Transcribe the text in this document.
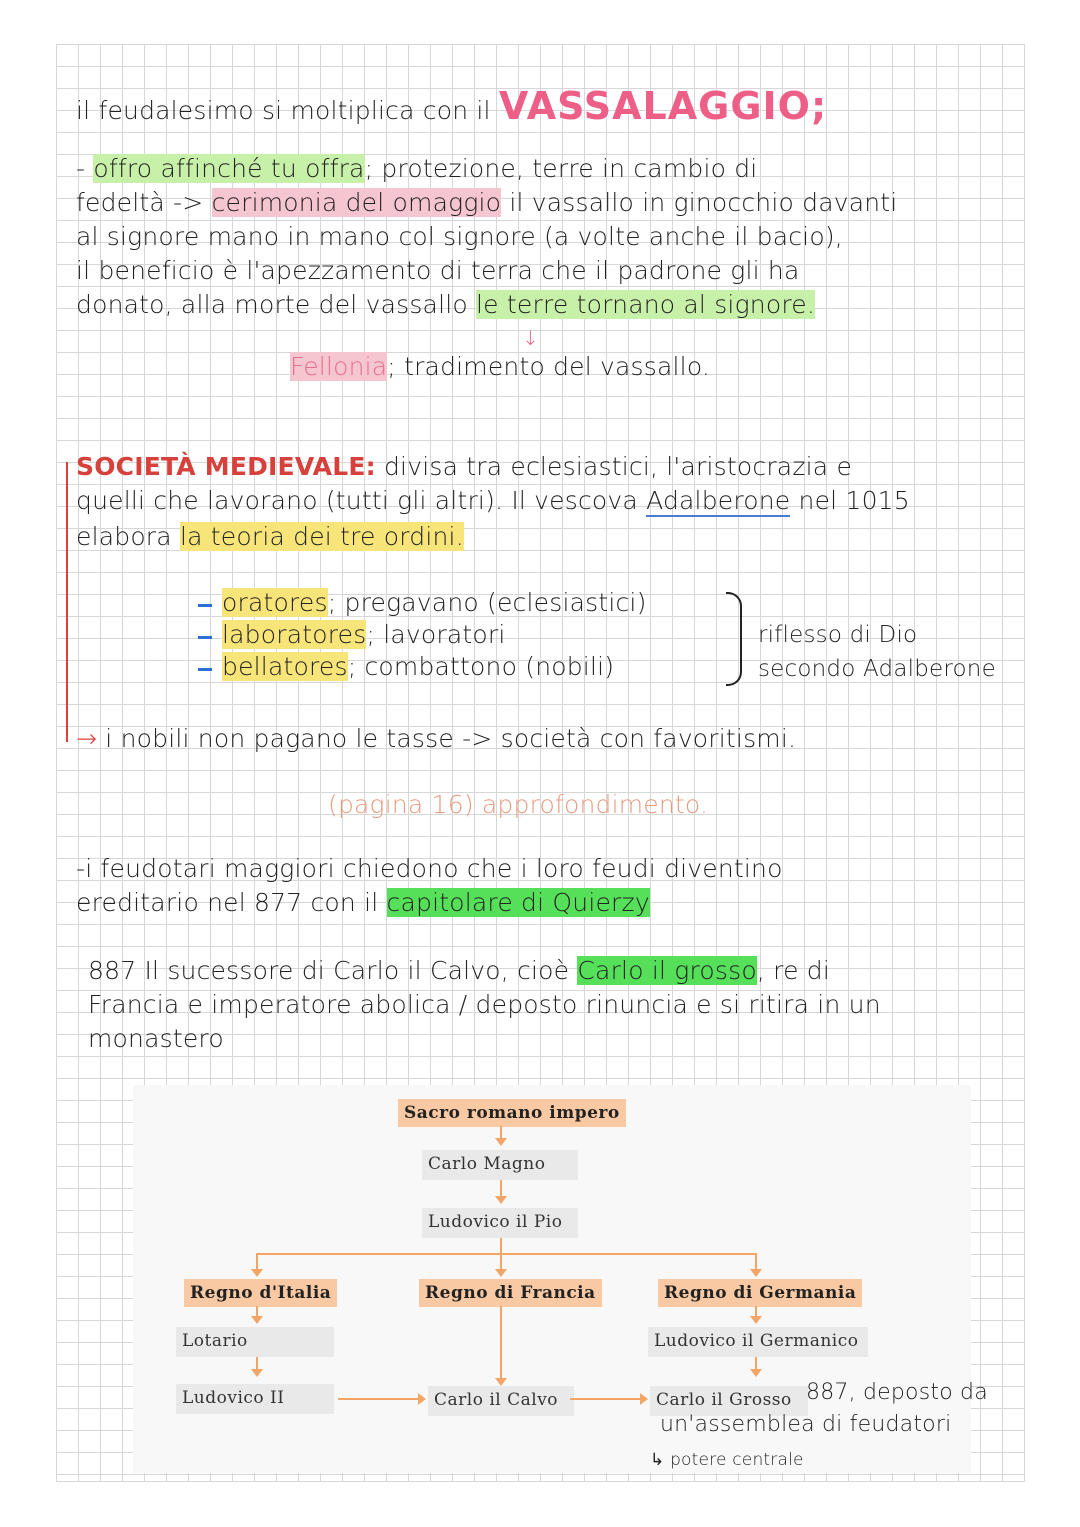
il feudalesimo si moltiplica con il VASSALAGGIO;
- offro affinché tu offra; protezione, terre in cambio di
fedeltà -> cerimonia del omaggio il vassallo in ginocchio davanti
al signore mano in mano col signore (a volte anche il bacio),
il beneficio è l'apezzamento di terra che il padrone gli ha
donato, alla morte del vassallo le terre tornano al signore.
↓
Fellonia; tradimento del vassallo.
SOCIETÀ MEDIEVALE: divisa tra eclesiastici, l'aristocrazia e
quelli che lavorano (tutti gli altri). Il vescova Adalberone nel 1015
elabora la teoria dei tre ordini.
oratores; pregavano (eclesiastici)
laboratores; lavoratori
bellatores; combattono (nobili)
riflesso di Dio
secondo Adalberone
→ i nobili non pagano le tasse -> società con favoritismi.
(pagina 16) approfondimento.
-i feudotari maggiori chiedono che i loro feudi diventino
ereditario nel 877 con il capitolare di Quierzy
887 Il sucessore di Carlo il Calvo, cioè Carlo il grosso, re di
Francia e imperatore abolica / deposto rinuncia e si ritira in un
monastero
Sacro romano impero
Carlo Magno
Ludovico il Pio
Regno d'Italia	Regno di Francia	Regno di Germania
Lotario	Ludovico il Germanico
Ludovico II	Carlo il Calvo	Carlo il Grosso 887, deposto da
un'assemblea di feudatori
↳ potere centrale
